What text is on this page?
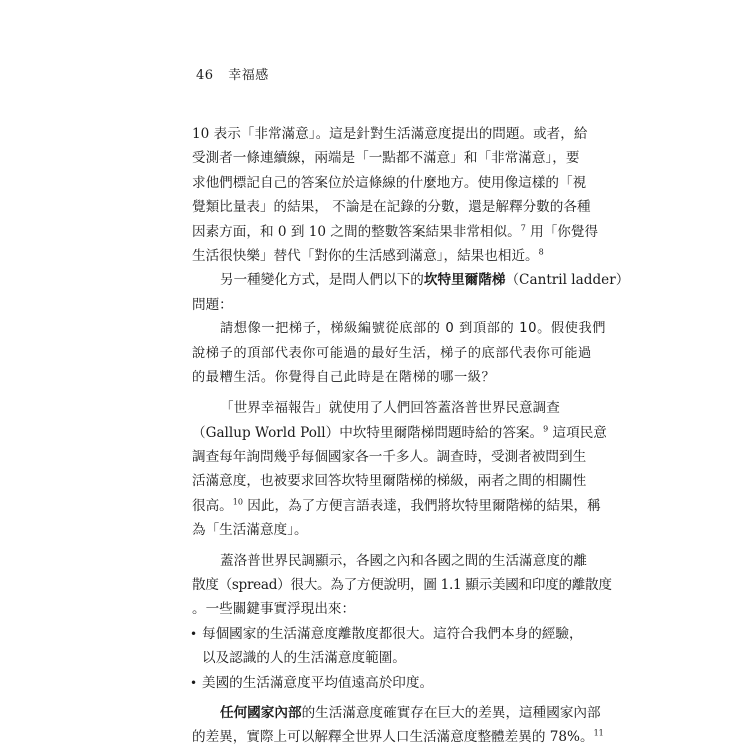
46 幸福感
10 表示「非常滿意」。這是針對生活滿意度提出的問題。或者，給
受測者一條連續線，兩端是「一點都不滿意」和「非常滿意」，要
求他們標記自己的答案位於這條線的什麼地方。使用像這樣的「視
覺類比量表」的結果， 不論是在記錄的分數，還是解釋分數的各種
因素方面，和 0 到 10 之間的整數答案結果非常相似。$^7$ 用「你覺得
生活很快樂」替代「對你的生活感到滿意」，結果也相近。$^8$
另一種變化方式，是問人們以下的坎特里爾階梯（Cantril ladder）
問題：
請想像一把梯子，梯級編號從底部的 0 到頂部的 10。假使我們
說梯子的頂部代表你可能過的最好生活，梯子的底部代表你可能過
的最糟生活。你覺得自己此時是在階梯的哪一級？
「世界幸福報告」就使用了人們回答蓋洛普世界民意調查
（Gallup World Poll）中坎特里爾階梯問題時給的答案。$^9$ 這項民意
調查每年詢問幾乎每個國家各一千多人。調查時，受測者被問到生
活滿意度，也被要求回答坎特里爾階梯的梯級，兩者之間的相關性
很高。$^{10}$ 因此，為了方便言語表達，我們將坎特里爾階梯的結果，稱
為「生活滿意度」。
蓋洛普世界民調顯示，各國之內和各國之間的生活滿意度的離
散度（spread）很大。為了方便說明，圖 1.1 顯示美國和印度的離散度
。一些關鍵事實浮現出來：
• 每個國家的生活滿意度離散度都很大。這符合我們本身的經驗，
以及認識的人的生活滿意度範圍。
• 美國的生活滿意度平均值遠高於印度。
任何國家內部的生活滿意度確實存在巨大的差異，這種國家內部
的差異，實際上可以解釋全世界人口生活滿意度整體差異的 78%。$^{11}$
